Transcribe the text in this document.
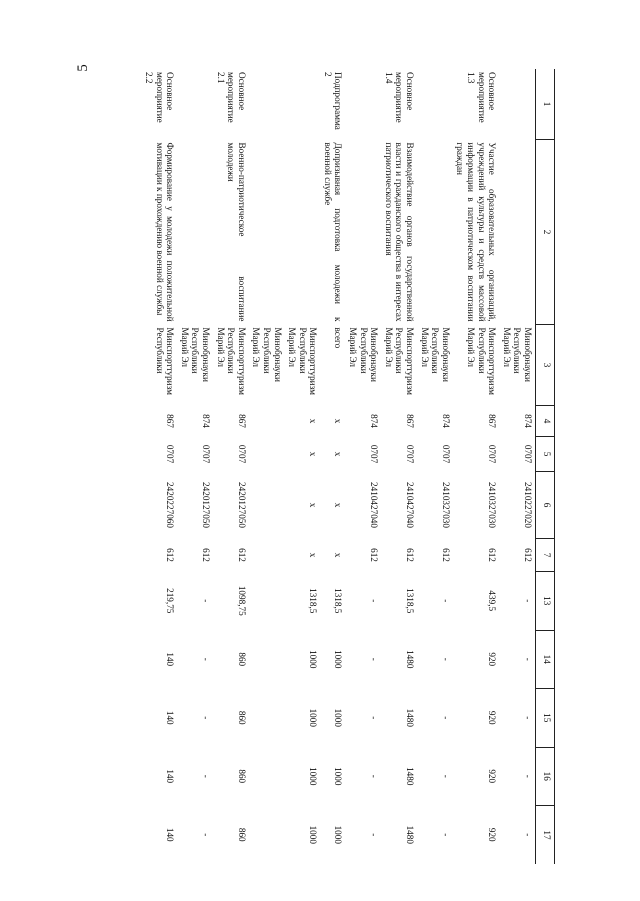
5
1	2	3	4	5	6	7	13	14	15	16	17
		Минобрнауки Республики Марий Эл	874	0707	2410227020	612	-	-	-	-	-
Основное мероприятие 1.3	Участие образовательных организаций, учреждений культуры и средств массовой информации в патриотическом воспитании граждан	Минспорттуризм Республики Марий Эл	867	0707	2410327030	612	439,5	920	920	920	920
		Минобрнауки Республики Марий Эл	874	0707	2410327030	612	-	-	-	-	-
Основное мероприятие 1.4	Взаимодействие органов государственной власти и гражданского общества в интересах патриотического воспитания	Минспорттуризм Республики Марий Эл	867	0707	2410427040	612	1318,5	1480	1480	1480	1480
		Минобрнауки Республики Марий Эл	874	0707	2410427040	612	-	-	-	-	-
Подпрограмма 2	Допризывная подготовка молодежи к военной службе	всего	x	x	x	x	1318,5	1000	1000	1000	1000
		Минспорттуризм Республики Марий Эл	x	x	x	x	1318,5	1000	1000	1000	1000
		Минобрнауки Республики Марий Эл									
Основное мероприятие 2.1	Военно-патриотическое воспитание молодежи	Минспорттуризм Республики Марий Эл	867	0707	2420127050	612	1098,75	860	860	860	860
		Минобрнауки Республики Марий Эл	874	0707	2420127050	612	-	-	-	-	-
Основное мероприятие 2.2	Формирование у молодежи положительной мотивации к прохождению военной службы	Минспорттуризм Республики	867	0707	2420227060	612	219,75	140	140	140	140
